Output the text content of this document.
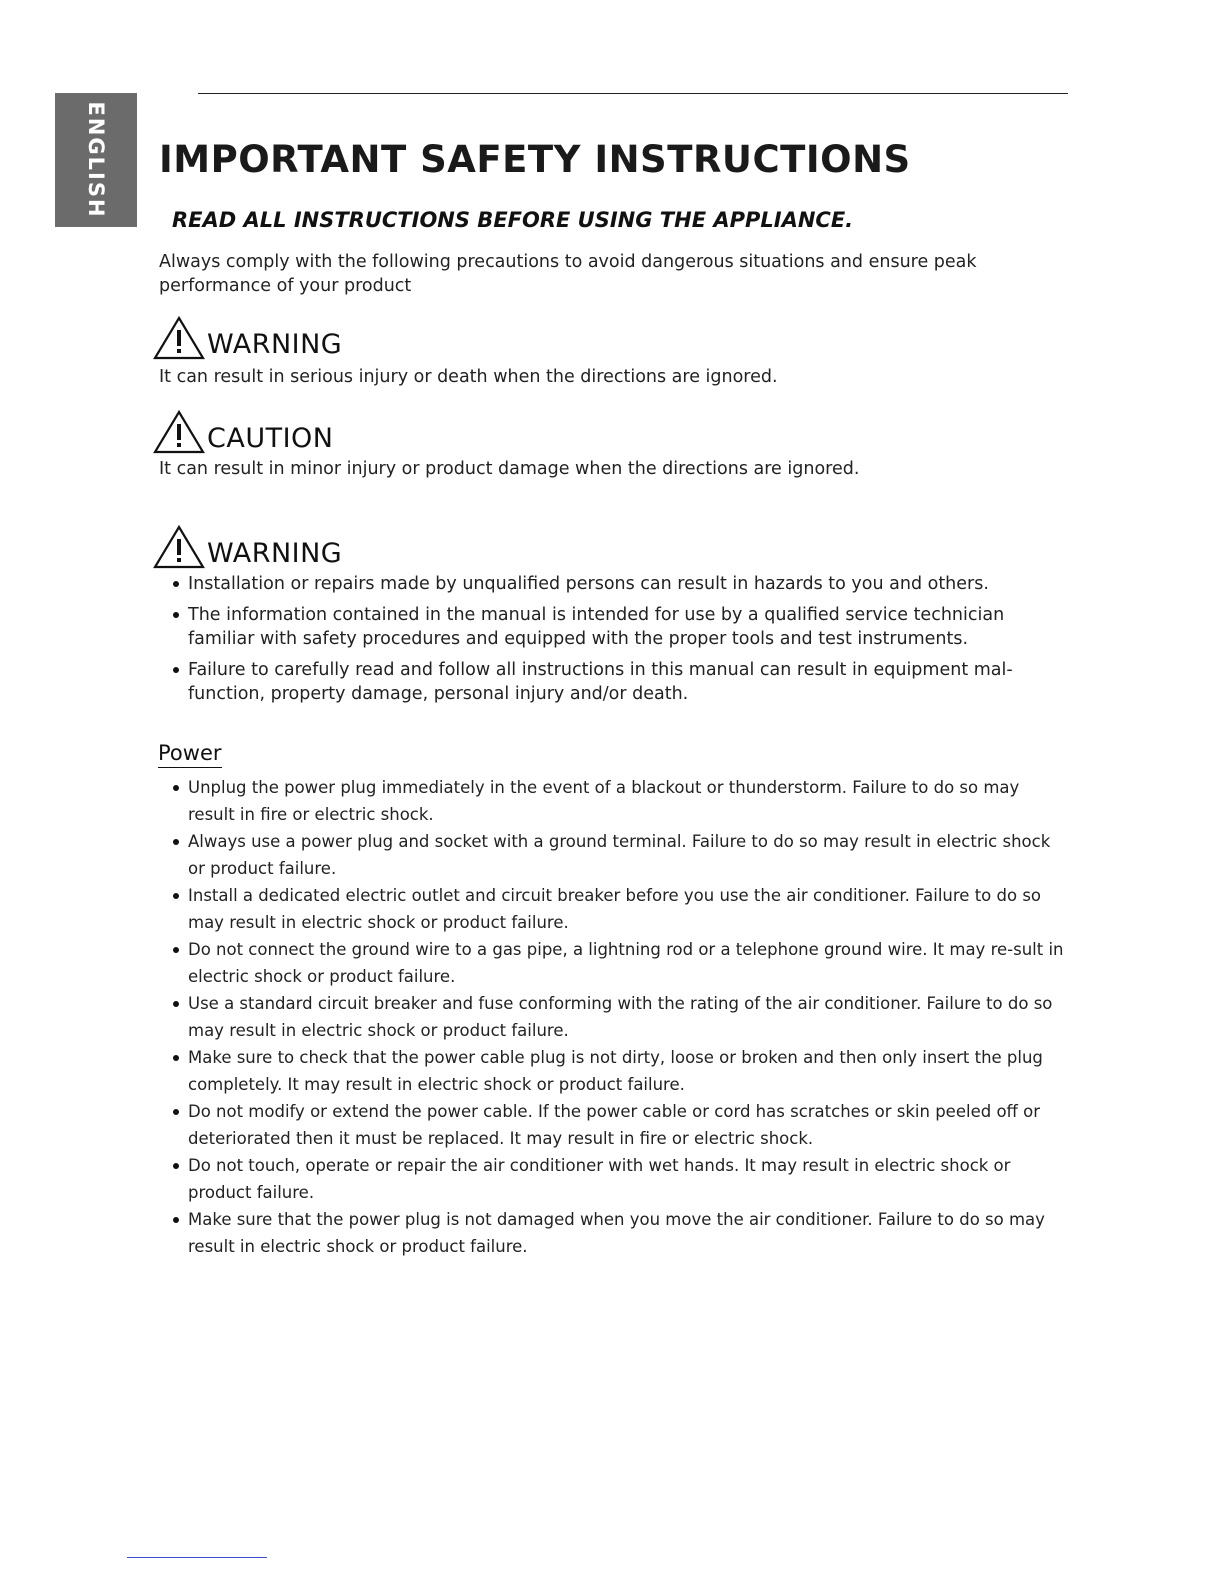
ENGLISH IMPORTANT SAFETY INSTRUCTIONS
READ ALL INSTRUCTIONS BEFORE USING THE APPLIANCE.
Always comply with the following precautions to avoid dangerous situations and ensure peak performance of your product
WARNING
It can result in serious injury or death when the directions are ignored.
CAUTION
It can result in minor injury or product damage when the directions are ignored.
WARNING
Installation or repairs made by unqualified persons can result in hazards to you and others.
The information contained in the manual is intended for use by a qualified service technician familiar with safety procedures and equipped with the proper tools and test instruments.
Failure to carefully read and follow all instructions in this manual can result in equipment mal-function, property damage, personal injury and/or death.
Power
Unplug the power plug immediately in the event of a blackout or thunderstorm. Failure to do so may result in fire or electric shock.
Always use a power plug and socket with a ground terminal. Failure to do so may result in electric shock or product failure.
Install a dedicated electric outlet and circuit breaker before you use the air conditioner. Failure to do so may result in electric shock or product failure.
Do not connect the ground wire to a gas pipe, a lightning rod or a telephone ground wire. It may re-sult in electric shock or product failure.
Use a standard circuit breaker and fuse conforming with the rating of the air conditioner. Failure to do so may result in electric shock or product failure.
Make sure to check that the power cable plug is not dirty, loose or broken and then only insert the plug completely. It may result in electric shock or product failure.
Do not modify or extend the power cable. If the power cable or cord has scratches or skin peeled off or deteriorated then it must be replaced. It may result in fire or electric shock.
Do not touch, operate or repair the air conditioner with wet hands. It may result in electric shock or product failure.
Make sure that the power plug is not damaged when you move the air conditioner. Failure to do so may result in electric shock or product failure.
